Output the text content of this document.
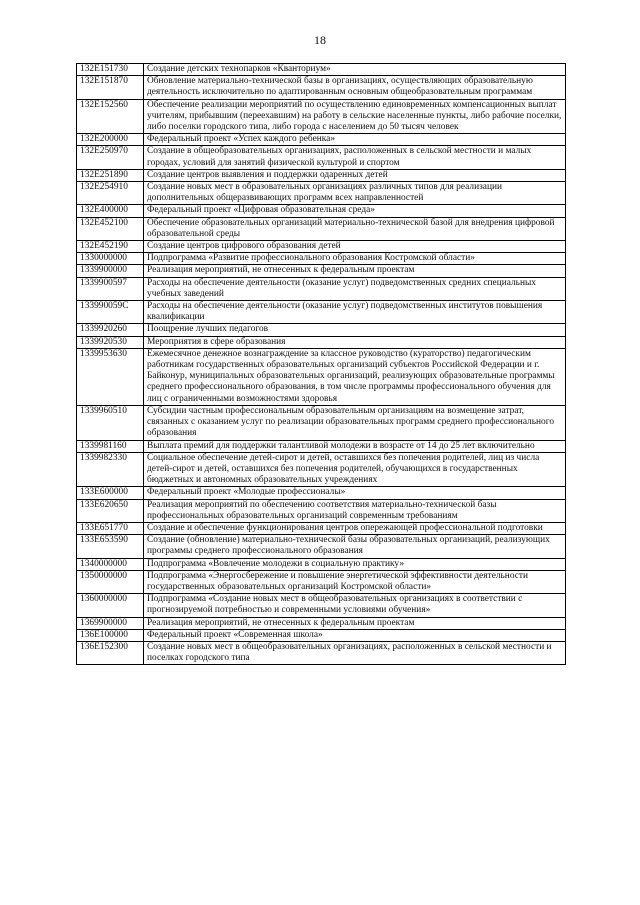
18
132E151730	Создание детских технопарков «Кванториум»
132E151870	Обновление материально-технической базы в организациях, осуществляющих образовательную деятельность исключительно по адаптированным основным общеобразовательным программам
132E152560	Обеспечение реализации мероприятий по осуществлению единовременных компенсационных выплат учителям, прибывшим (переехавшим) на работу в сельские населенные пункты, либо рабочие поселки, либо поселки городского типа, либо города с населением до 50 тысяч человек
132E200000	Федеральный проект «Успех каждого ребенка»
132E250970	Создание в общеобразовательных организациях, расположенных в сельской местности и малых городах, условий для занятий физической культурой и спортом
132E251890	Создание центров выявления и поддержки одаренных детей
132E254910	Создание новых мест в образовательных организациях различных типов для реализации дополнительных общеразвивающих программ всех направленностей
132E400000	Федеральный проект «Цифровая образовательная среда»
132E452100	Обеспечение образовательных организаций материально-технической базой для внедрения цифровой образовательной среды
132E452190	Создание центров цифрового образования детей
1330000000	Подпрограмма «Развитие профессионального образования Костромской области»
1339900000	Реализация мероприятий, не отнесенных к федеральным проектам
1339900597	Расходы на обеспечение деятельности (оказание услуг) подведомственных средних специальных учебных заведений
133990059C	Расходы на обеспечение деятельности (оказание услуг) подведомственных институтов повышения квалификации
1339920260	Поощрение лучших педагогов
1339920530	Мероприятия в сфере образования
1339953630	Ежемесячное денежное вознаграждение за классное руководство (кураторство) педагогическим работникам государственных образовательных организаций субъектов Российской Федерации и г. Байконур, муниципальных образовательных организаций, реализующих образовательные программы среднего профессионального образования, в том числе программы профессионального обучения для лиц с ограниченными возможностями здоровья
1339960510	Субсидии частным профессиональным образовательным организациям на возмещение затрат, связанных с оказанием услуг по реализации образовательных программ среднего профессионального образования
1339981160	Выплата премий для поддержки талантливой молодежи в возрасте от 14 до 25 лет включительно
1339982330	Социальное обеспечение детей-сирот и детей, оставшихся без попечения родителей, лиц из числа детей-сирот и детей, оставшихся без попечения родителей, обучающихся в государственных бюджетных и автономных образовательных учреждениях
133E600000	Федеральный проект «Молодые профессионалы»
133E620650	Реализация мероприятий по обеспечению соответствия материально-технической базы профессиональных образовательных организаций современным требованиям
133E651770	Создание и обеспечение функционирования центров опережающей профессиональной подготовки
133E653590	Создание (обновление) материально-технической базы образовательных организаций, реализующих программы среднего профессионального образования
1340000000	Подпрограмма «Вовлечение молодежи в социальную практику»
1350000000	Подпрограмма «Энергосбережение и повышение энергетической эффективности деятельности государственных образовательных организаций Костромской области»
1360000000	Подпрограмма «Создание новых мест в общеобразовательных организациях в соответствии с прогнозируемой потребностью и современными условиями обучения»
1369900000	Реализация мероприятий, не отнесенных к федеральным проектам
136E100000	Федеральный проект «Современная школа»
136E152300	Создание новых мест в общеобразовательных организациях, расположенных в сельской местности и поселках городского типа
